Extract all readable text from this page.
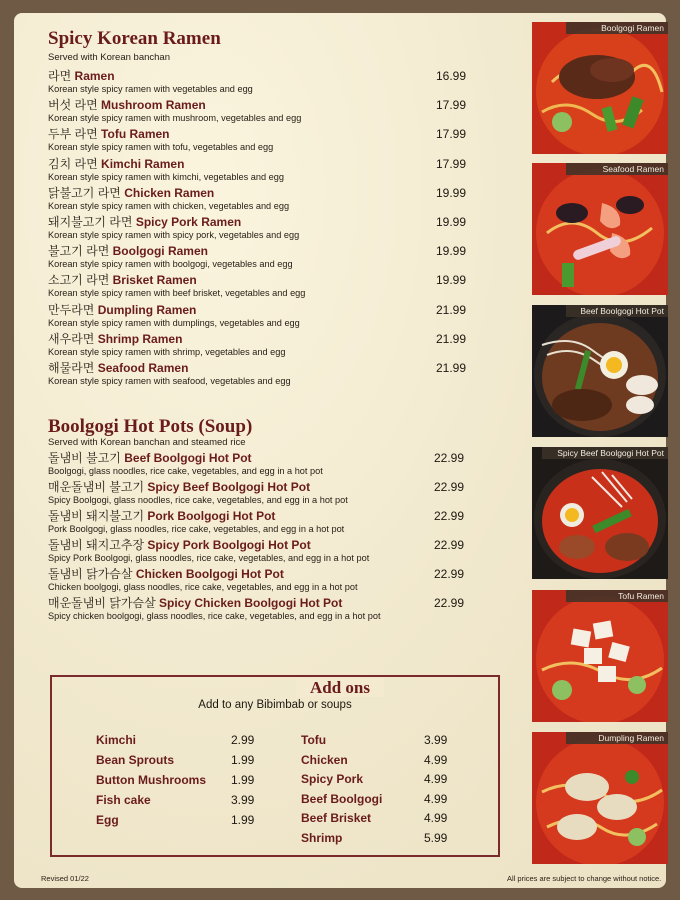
Spicy Korean Ramen
Served with Korean banchan
라면 Ramen
Korean style spicy ramen with vegetables and egg
16.99
버섯 라면 Mushroom Ramen
Korean style spicy ramen with mushroom, vegetables and egg
17.99
두부 라면 Tofu Ramen
Korean style spicy ramen with tofu, vegetables and egg
17.99
김치 라면 Kimchi Ramen
Korean style spicy ramen with kimchi, vegetables and egg
17.99
닭불고기 라면 Chicken Ramen
Korean style spicy ramen with chicken, vegetables and egg
19.99
돼지불고기 라면 Spicy Pork Ramen
Korean style spicy ramen with spicy pork, vegetables and egg
19.99
불고기 라면 Boolgogi Ramen
Korean style spicy ramen with boolgogi, vegetables and egg
19.99
소고기 라면 Brisket Ramen
Korean style spicy ramen with beef brisket, vegetables and egg
19.99
만두라면 Dumpling Ramen
Korean style spicy ramen with dumplings, vegetables and egg
21.99
새우라면 Shrimp Ramen
Korean style spicy ramen with shrimp, vegetables and egg
21.99
해물라면 Seafood Ramen
Korean style spicy ramen with seafood, vegetables and egg
21.99
Boolgogi Hot Pots (Soup)
Served with Korean banchan and steamed rice
돌냄비 불고기 Beef Boolgogi Hot Pot
Boolgogi, glass noodles, rice cake, vegetables, and egg in a hot pot
22.99
매운돌냄비 불고기 Spicy Beef Boolgogi Hot Pot
Spicy Boolgogi, glass noodles, rice cake, vegetables, and egg in a hot pot
22.99
돌냄비 돼지불고기 Pork Boolgogi Hot Pot
Pork Boolgogi, glass noodles, rice cake, vegetables, and egg in a hot pot
22.99
돌냄비 돼지고추장 Spicy Pork Boolgogi Hot Pot
Spicy Pork Boolgogi, glass noodles, rice cake, vegetables, and egg in a hot pot
22.99
돌냄비 닭가슴살 Chicken Boolgogi Hot Pot
Chicken boolgogi, glass noodles, rice cake, vegetables, and egg in a hot pot
22.99
매운돌냄비 닭가슴살 Spicy Chicken Boolgogi Hot Pot
Spicy chicken boolgogi, glass noodles, rice cake, vegetables, and egg in a hot pot
22.99
Add ons
Add to any Bibimbab or soups
Kimchi	2.99
Bean Sprouts	1.99
Button Mushrooms 1.99
Fish cake	3.99
Egg	1.99
Tofu	3.99
Chicken	4.99
Spicy Pork	4.99
Beef Boolgogi	4.99
Beef Brisket	4.99
Shrimp	5.99
Revised 01/22	All prices are subject to change without notice.
Boolgogi Ramen
Seafood Ramen
Beef Boolgogi Hot Pot
Spicy Beef Boolgogi Hot Pot
Tofu Ramen
Dumpling Ramen
